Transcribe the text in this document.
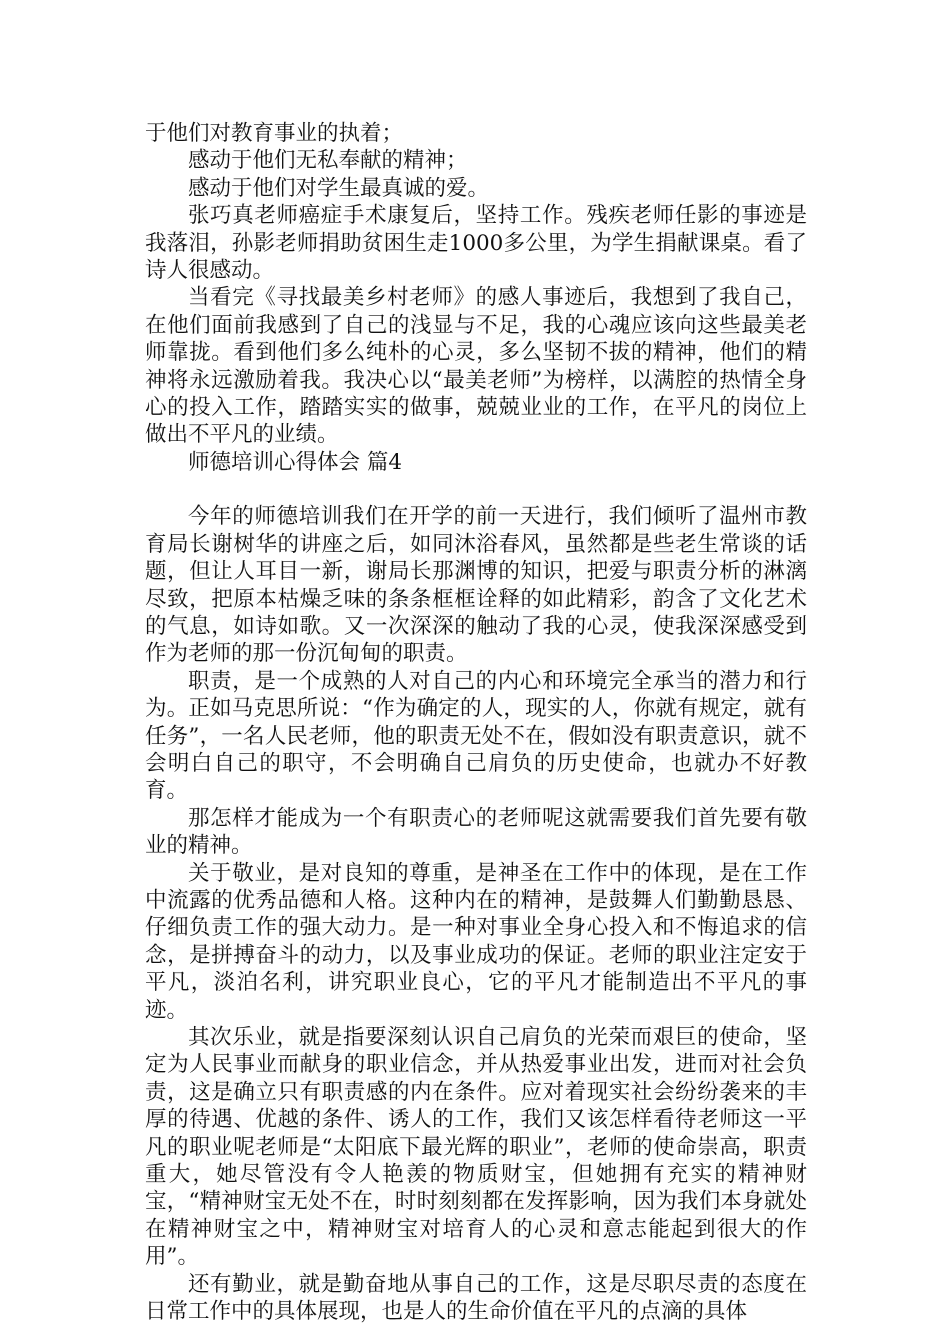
于他们对教育事业的执着；

感动于他们无私奉献的精神；

感动于他们对学生最真诚的爱。

张巧真老师癌症手术康复后，坚持工作。残疾老师任影的事迹是我落泪，孙影老师捐助贫困生走1000多公里，为学生捐献课桌。看了诗人很感动。

当看完《寻找最美乡村老师》的感人事迹后，我想到了我自己，在他们面前我感到了自己的浅显与不足，我的心魂应该向这些最美老师靠拢。看到他们多么纯朴的心灵，多么坚韧不拔的精神，他们的精神将永远激励着我。我决心以“最美老师”为榜样，以满腔的热情全身心的投入工作，踏踏实实的做事，兢兢业业的工作，在平凡的岗位上做出不平凡的业绩。

师德培训心得体会 篇4

今年的师德培训我们在开学的前一天进行，我们倾听了温州市教育局长谢树华的讲座之后，如同沐浴春风，虽然都是些老生常谈的话题，但让人耳目一新，谢局长那渊博的知识，把爱与职责分析的淋漓尽致，把原本枯燥乏味的条条框框诠释的如此精彩，韵含了文化艺术的气息，如诗如歌。又一次深深的触动了我的心灵，使我深深感受到作为老师的那一份沉甸甸的职责。

职责，是一个成熟的人对自己的内心和环境完全承当的潜力和行为。正如马克思所说：“作为确定的人，现实的人，你就有规定，就有任务”，一名人民老师，他的职责无处不在，假如没有职责意识，就不会明白自己的职守，不会明确自己肩负的历史使命，也就办不好教育。

那怎样才能成为一个有职责心的老师呢这就需要我们首先要有敬业的精神。

关于敬业，是对良知的尊重，是神圣在工作中的体现，是在工作中流露的优秀品德和人格。这种内在的精神，是鼓舞人们勤勤恳恳、仔细负责工作的强大动力。是一种对事业全身心投入和不悔追求的信念，是拼搏奋斗的动力，以及事业成功的保证。老师的职业注定安于平凡，淡泊名利，讲究职业良心，它的平凡才能制造出不平凡的事迹。

其次乐业，就是指要深刻认识自己肩负的光荣而艰巨的使命，坚定为人民事业而献身的职业信念，并从热爱事业出发，进而对社会负责，这是确立只有职责感的内在条件。应对着现实社会纷纷袭来的丰厚的待遇、优越的条件、诱人的工作，我们又该怎样看待老师这一平凡的职业呢老师是“太阳底下最光辉的职业”，老师的使命崇高，职责重大，她尽管没有令人艳羡的物质财宝，但她拥有充实的精神财宝，“精神财宝无处不在，时时刻刻都在发挥影响，因为我们本身就处在精神财宝之中，精神财宝对培育人的心灵和意志能起到很大的作用”。

还有勤业，就是勤奋地从事自己的工作，这是尽职尽责的态度在日常工作中的具体展现，也是人的生命价值在平凡的点滴的具体
